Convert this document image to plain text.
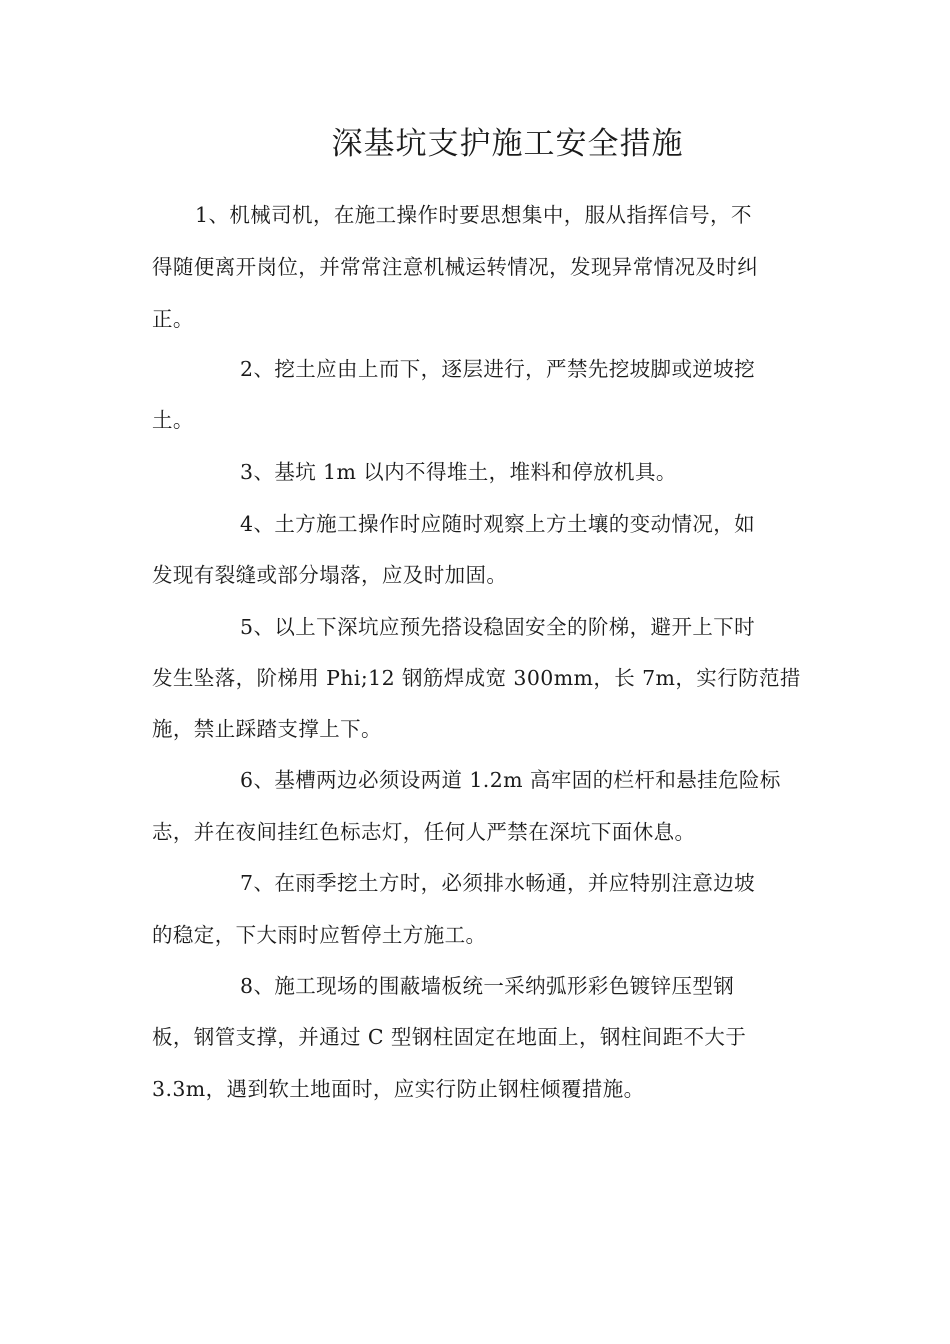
深基坑支护施工安全措施
1、机械司机，在施工操作时要思想集中，服从指挥信号，不
得随便离开岗位，并常常注意机械运转情况，发现异常情况及时纠
正。
2、挖土应由上而下，逐层进行，严禁先挖坡脚或逆坡挖
土。
3、基坑 1m 以内不得堆土，堆料和停放机具。
4、土方施工操作时应随时观察上方土壤的变动情况，如
发现有裂缝或部分塌落，应及时加固。
5、以上下深坑应预先搭设稳固安全的阶梯，避开上下时
发生坠落，阶梯用 Phi;12 钢筋焊成宽 300mm，长 7m，实行防范措
施，禁止踩踏支撑上下。
6、基槽两边必须设两道 1.2m 高牢固的栏杆和悬挂危险标
志，并在夜间挂红色标志灯，任何人严禁在深坑下面休息。
7、在雨季挖土方时，必须排水畅通，并应特别注意边坡
的稳定，下大雨时应暂停土方施工。
8、施工现场的围蔽墙板统一采纳弧形彩色镀锌压型钢
板，钢管支撑，并通过 C 型钢柱固定在地面上，钢柱间距不大于
3.3m，遇到软土地面时，应实行防止钢柱倾覆措施。
